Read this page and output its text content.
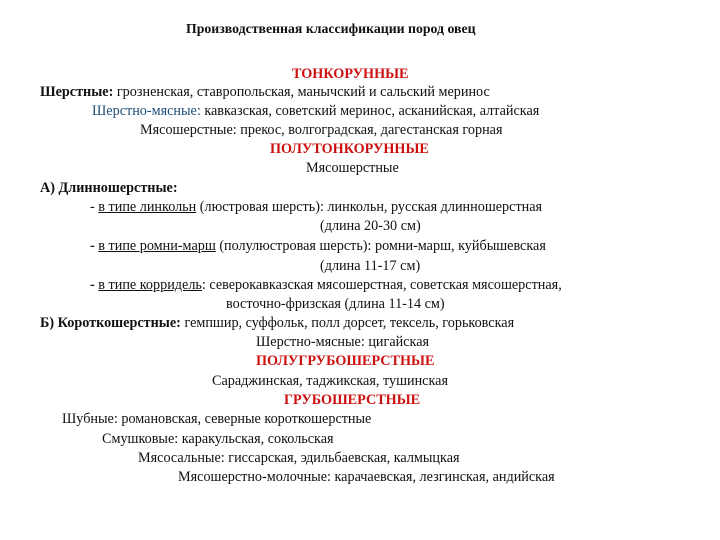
Производственная классификации пород овец
ТОНКОРУННЫЕ
Шерстные: грозненская, ставропольская, манычский и сальский меринос
Шерстно-мясные: кавказская, советский меринос, асканийская, алтайская
Мясошерстные: прекос, волгоградская, дагестанская горная
ПОЛУТОНКОРУННЫЕ
Мясошерстные
А) Длинношерстные:
- в типе линкольн (люстровая шерсть): линкольн, русская длинношерстная
(длина 20-30 см)
- в типе ромни-марш (полулюстровая шерсть): ромни-марш, куйбышевская
(длина 11-17 см)
- в типе корридель: северокавказская мясошерстная, советская мясошерстная,
восточно-фризская (длина 11-14 см)
Б) Короткошерстные: гемпшир, суффольк, полл дорсет, тексель, горьковская
Шерстно-мясные: цигайская
ПОЛУГРУБОШЕРСТНЫЕ
Сараджинская, таджикская, тушинская
ГРУБОШЕРСТНЫЕ
Шубные: романовская, северные короткошерстные
Смушковые: каракульская, сокольская
Мясосальные: гиссарская, эдильбаевская, калмыцкая
Мясошерстно-молочные: карачаевская, лезгинская, андийская
